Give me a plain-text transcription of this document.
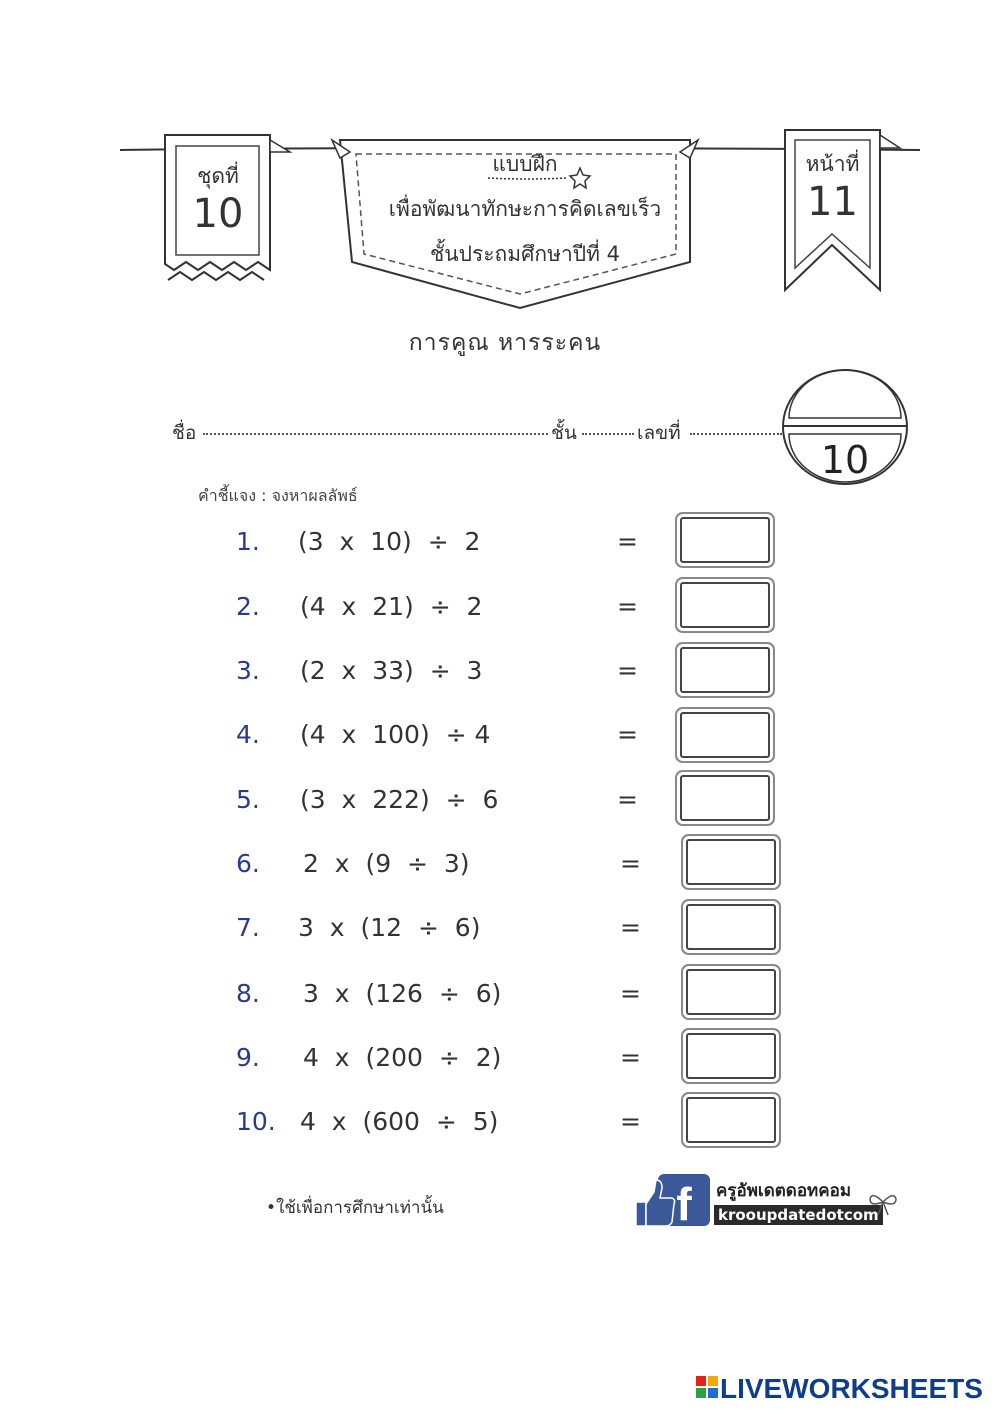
ชุดที่
10
หน้าที่
11
แบบฝึก
เพื่อพัฒนาทักษะการคิดเลขเร็ว
ชั้นประถมศึกษาปีที่ 4
การคูณ หารระคน
ชื่อ	ชั้น	เลขที่
10
คำชี้แจง : จงหาผลลัพธ์
1. (3  x  10)  ÷  2	=
2. (4  x  21)  ÷  2	=
3. (2  x  33)  ÷  3	=
4. (4  x  100)  ÷ 4	=
5. (3  x  222)  ÷  6	=
6. 2  x  (9  ÷  3)	=
7. 3  x  (12  ÷  6)	=
8. 3  x  (126  ÷  6)	=
9. 4  x  (200  ÷  2)	=
10. 4  x  (600  ÷  5)	=
•ใช้เพื่อการศึกษาเท่านั้น	f ครูอัพเดตดอทคอม
krooupdatedotcom
LIVEWORKSHEETS
